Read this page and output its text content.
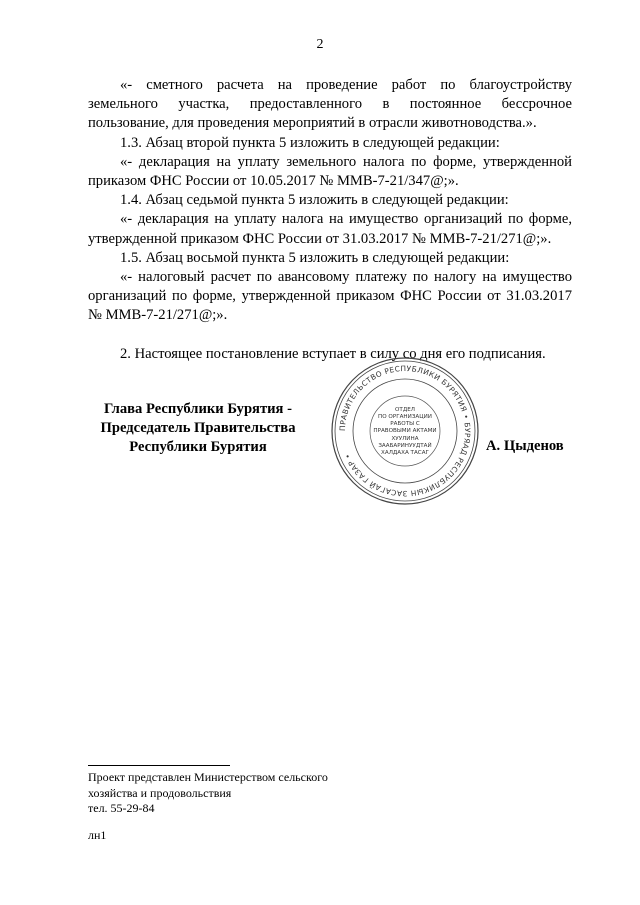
2

«- сметного расчета на проведение работ по благоустройству земельного участка, предоставленного в постоянное бессрочное пользование, для проведения мероприятий в отрасли животноводства.».

1.3. Абзац второй пункта 5 изложить в следующей редакции:

«- декларация на уплату земельного налога по форме, утвержденной приказом ФНС России от 10.05.2017 № ММВ-7-21/347@;».

1.4. Абзац седьмой пункта 5 изложить в следующей редакции:

«- декларация на уплату налога на имущество организаций по форме, утвержденной приказом ФНС России от 31.03.2017 № ММВ-7-21/271@;».

1.5. Абзац восьмой пункта 5 изложить в следующей редакции:

«- налоговый расчет по авансовому платежу по налогу на имущество организаций по форме, утвержденной приказом ФНС России от 31.03.2017 № ММВ-7-21/271@;».

2. Настоящее постановление вступает в силу со дня его подписания.

Глава Республики Бурятия -
Председатель Правительства
Республики Бурятия
ПРАВИТЕЛЬСТВО РЕСПУБЛИКИ БУРЯТИЯ • БУРЯАД РЕСПУБЛИКЫН ЗАСАГАЙ ГАЗАР •
ОТДЕЛ
ПО ОРГАНИЗАЦИИ
РАБОТЫ С
ПРАВОВЫМИ АКТАМИ
ХУУЛИНА
ЗААБАРИНУУДТАЙ
ХАЛДАХА ТАСАГ	А. Цыденов
Проект представлен Министерством сельского
хозяйства и продовольствия
тел. 55-29-84
лн1
